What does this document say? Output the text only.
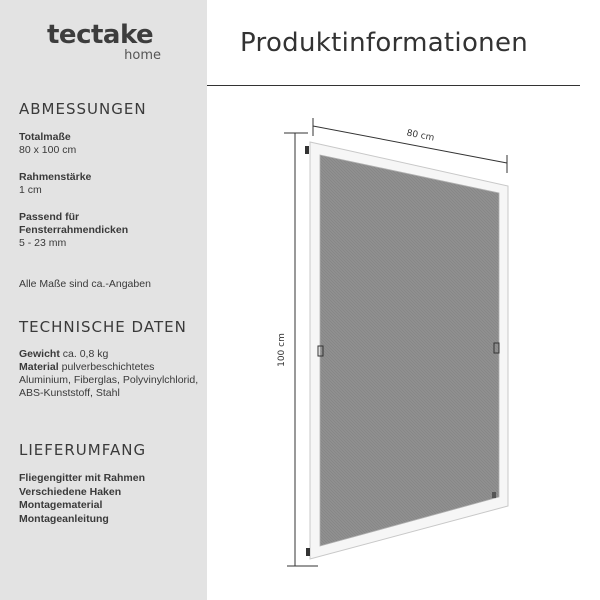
tectake
home	Produktinformationen
ABMESSUNGEN
Totalmaße
80 x 100 cm
Rahmenstärke
1 cm
Passend für Fensterrahmendicken
5 - 23 mm
Alle Maße sind ca.-Angaben
TECHNISCHE DATEN
Gewicht ca. 0,8 kg
Material pulverbeschichtetes Aluminium, Fiberglas, Polyvinylchlorid, ABS-Kunststoff, Stahl
LIEFERUMFANG
Fliegengitter mit Rahmen
Verschiedene Haken
Montagematerial
Montageanleitung
80 cm
100 cm
